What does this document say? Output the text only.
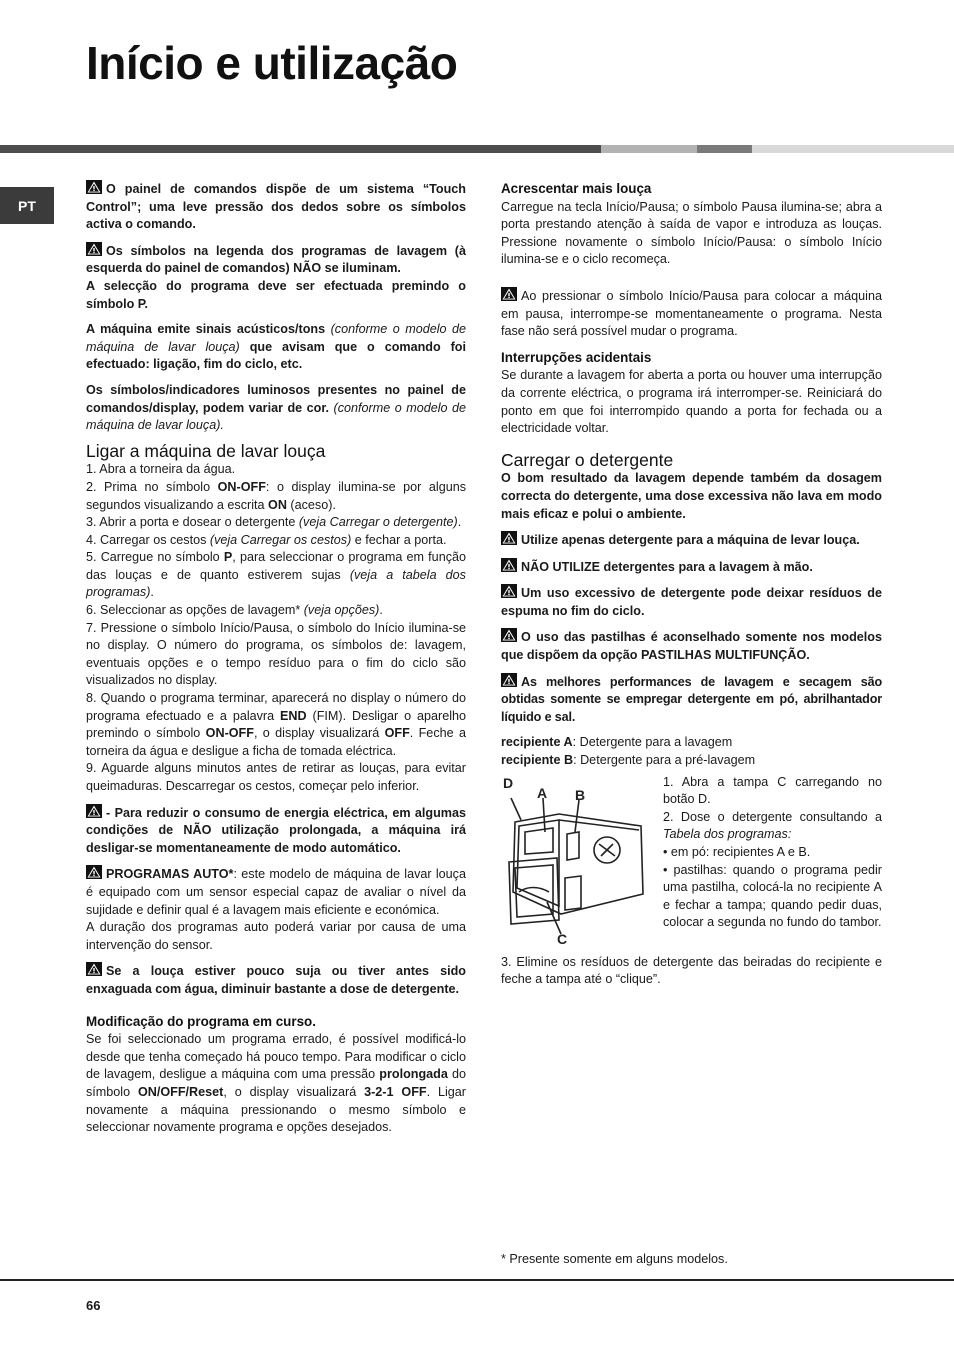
Início e utilização
PT

O painel de comandos dispõe de um sistema “Touch Control”; uma leve pressão dos dedos sobre os símbolos activa o comando.

Os símbolos na legenda dos programas de lavagem (à esquerda do painel de comandos) NÃO se iluminam.

A selecção do programa deve ser efectuada premindo o símbolo P.

A máquina emite sinais acústicos/tons (conforme o modelo de máquina de lavar louça) que avisam que o comando foi efectuado: ligação, fim do ciclo, etc.

Os símbolos/indicadores luminosos presentes no painel de comandos/display, podem variar de cor. (conforme o modelo de máquina de lavar louça).

Ligar a máquina de lavar louça

1. Abra a torneira da água.

2. Prima no símbolo ON-OFF: o display ilumina-se por alguns segundos visualizando a escrita ON (aceso).

3. Abrir a porta e dosear o detergente (veja Carregar o detergente).

4. Carregar os cestos (veja Carregar os cestos) e fechar a porta.

5. Carregue no símbolo P, para seleccionar o programa em função das louças e de quanto estiverem sujas (veja a tabela dos programas).

6. Seleccionar as opções de lavagem* (veja opções).

7. Pressione o símbolo Início/Pausa, o símbolo do Início ilumina-se no display. O número do programa, os símbolos de: lavagem, eventuais opções e o tempo resíduo para o fim do ciclo são visualizados no display.

8. Quando o programa terminar, aparecerá no display o número do programa efectuado e a palavra END (FIM). Desligar o aparelho premindo o símbolo ON-OFF, o display visualizará OFF. Feche a torneira da água e desligue a ficha de tomada eléctrica.

9. Aguarde alguns minutos antes de retirar as louças, para evitar queimaduras. Descarregar os cestos, começar pelo inferior.

- Para reduzir o consumo de energia eléctrica, em algumas condições de NÃO utilização prolongada, a máquina irá desligar-se momentaneamente de modo automático.

PROGRAMAS AUTO*: este modelo de máquina de lavar louça é equipado com um sensor especial capaz de avaliar o nível da sujidade e definir qual é a lavagem mais eficiente e económica.

A duração dos programas auto poderá variar por causa de uma intervenção do sensor.

Se a louça estiver pouco suja ou tiver antes sido enxaguada com água, diminuir bastante a dose de detergente.

Modificação do programa em curso.

Se foi seleccionado um programa errado, é possível modificá-lo desde que tenha começado há pouco tempo. Para modificar o ciclo de lavagem, desligue a máquina com uma pressão prolongada do símbolo ON/OFF/Reset, o display visualizará 3-2-1 OFF. Ligar novamente a máquina pressionando o mesmo símbolo e seleccionar novamente programa e opções desejados.

Acrescentar mais louça

Carregue na tecla Início/Pausa; o símbolo Pausa ilumina-se; abra a porta prestando atenção à saída de vapor e introduza as louças. Pressione novamente o símbolo Início/Pausa: o símbolo Início ilumina-se e o ciclo recomeça.

Ao pressionar o símbolo Início/Pausa para colocar a máquina em pausa, interrompe-se momentaneamente o programa. Nesta fase não será possível mudar o programa.

Interrupções acidentais

Se durante a lavagem for aberta a porta ou houver uma interrupção da corrente eléctrica, o programa irá interromper-se. Reiniciará do ponto em que foi interrompido quando a porta for fechada ou a electricidade voltar.

Carregar o detergente

O bom resultado da lavagem depende também da dosagem correcta do detergente, uma dose excessiva não lava em modo mais eficaz e polui o ambiente.

Utilize apenas detergente para a máquina de levar louça.

NÃO UTILIZE detergentes para a lavagem à mão.

Um uso excessivo de detergente pode deixar resíduos de espuma no fim do ciclo.

O uso das pastilhas é aconselhado somente nos modelos que dispõem da opção PASTILHAS MULTIFUNÇÃO.

As melhores performances de lavagem e secagem são obtidas somente se empregar detergente em pó, abrilhantador líquido e sal.

recipiente A: Detergente para a lavagem

recipiente B: Detergente para a pré-lavagem

D
A B
C

1. Abra a tampa C carregando no botão D.

2. Dose o detergente consultando a Tabela dos programas:

• em pó: recipientes A e B.

• pastilhas: quando o programa pedir uma pastilha, colocá-la no recipiente A e fechar a tampa; quando pedir duas, colocar a segunda no fundo do tambor.

3. Elimine os resíduos de detergente das beiradas do recipiente e feche a tampa até o “clique”.

* Presente somente em alguns modelos.

66
